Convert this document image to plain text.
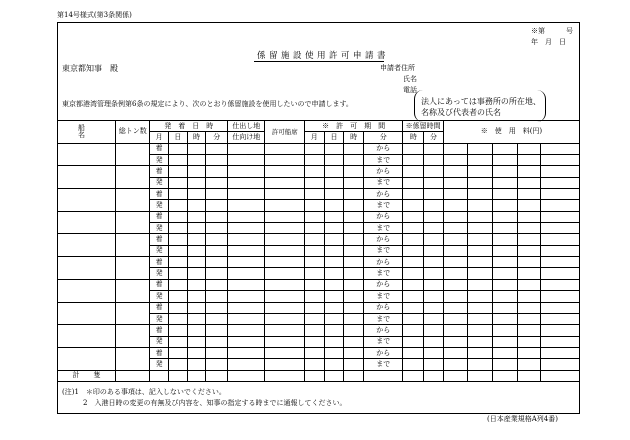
第14号様式(第3条関係)
※第　　　号
年　月　日
係留施設使用許可申請書
東京都知事　殿	申請者住所
氏名
電話
東京都港湾管理条例第6条の規定により、次のとおり係留施設を使用したいので申請します。	法人にあっては事務所の所在地、
名称及び代表者の氏名
船　　名	総トン数	発　着　日　時				仕出し地	許可船席	※　許　可　期　間				※係留時間		※　使　用　料(円)				
		月	日	時	分	仕向け地		月	日	時	分	時	分					
		着									から							
		発									まで							
		着									から							
		発									まで							
		着									から							
		発									まで							
		着									から							
		発									まで							
		着									から							
		発									まで							
		着									から							
		発									まで							
		着									から							
		発									まで							
		着									から							
		発									まで							
		着									から							
		発									まで							
		着									から							
		発									まで							
計　　隻																		
(注)1　＊印のある事項は、記入しないでください。
2　入港日時の変更の有無及び内容を、知事の指定する時までに通報してください。
(日本産業規格A列4番)
